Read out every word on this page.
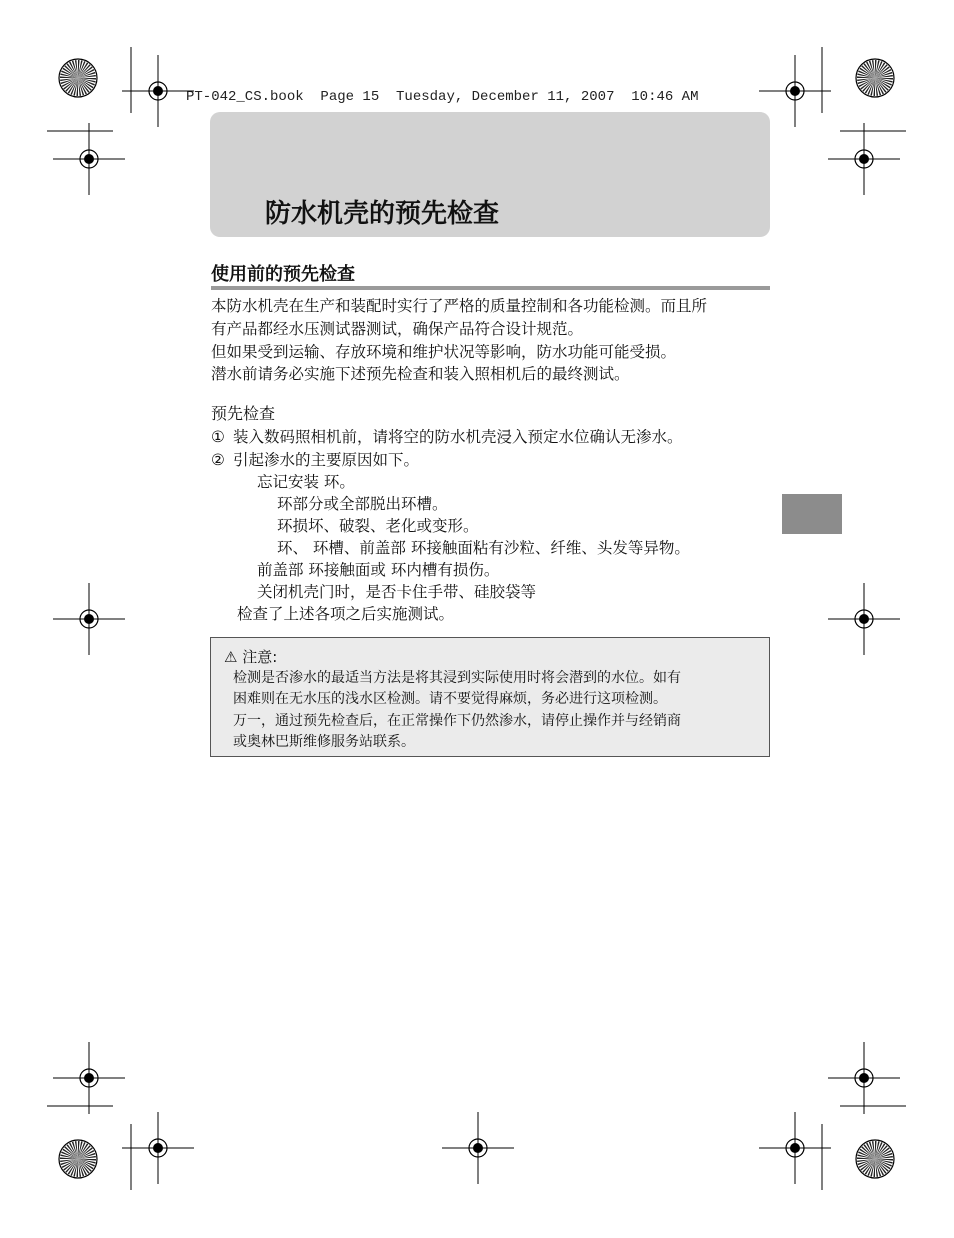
PT-042_CS.book  Page 15  Tuesday, December 11, 2007  10:46 AM
防水机壳的预先检查
使用前的预先检查
本防水机壳在生产和装配时实行了严格的质量控制和各功能检测。而且所
有产品都经水压测试器测试，确保产品符合设计规范。
但如果受到运输、存放环境和维护状况等影响，防水功能可能受损。
潜水前请务必实施下述预先检查和装入照相机后的最终测试。
预先检查
① 装入数码照相机前，请将空的防水机壳浸入预定水位确认无渗水。
② 引起渗水的主要原因如下。
忘记安装 环。
环部分或全部脱出环槽。
环损坏、破裂、老化或变形。
环、 环槽、前盖部 环接触面粘有沙粒、纤维、头发等异物。
前盖部 环接触面或 环内槽有损伤。
关闭机壳门时，是否卡住手带、硅胶袋等
检查了上述各项之后实施测试。
⚠ 注意:
检测是否渗水的最适当方法是将其浸到实际使用时将会潜到的水位。如有
困难则在无水压的浅水区检测。请不要觉得麻烦，务必进行这项检测。
万一，通过预先检查后，在正常操作下仍然渗水，请停止操作并与经销商
或奥林巴斯维修服务站联系。
